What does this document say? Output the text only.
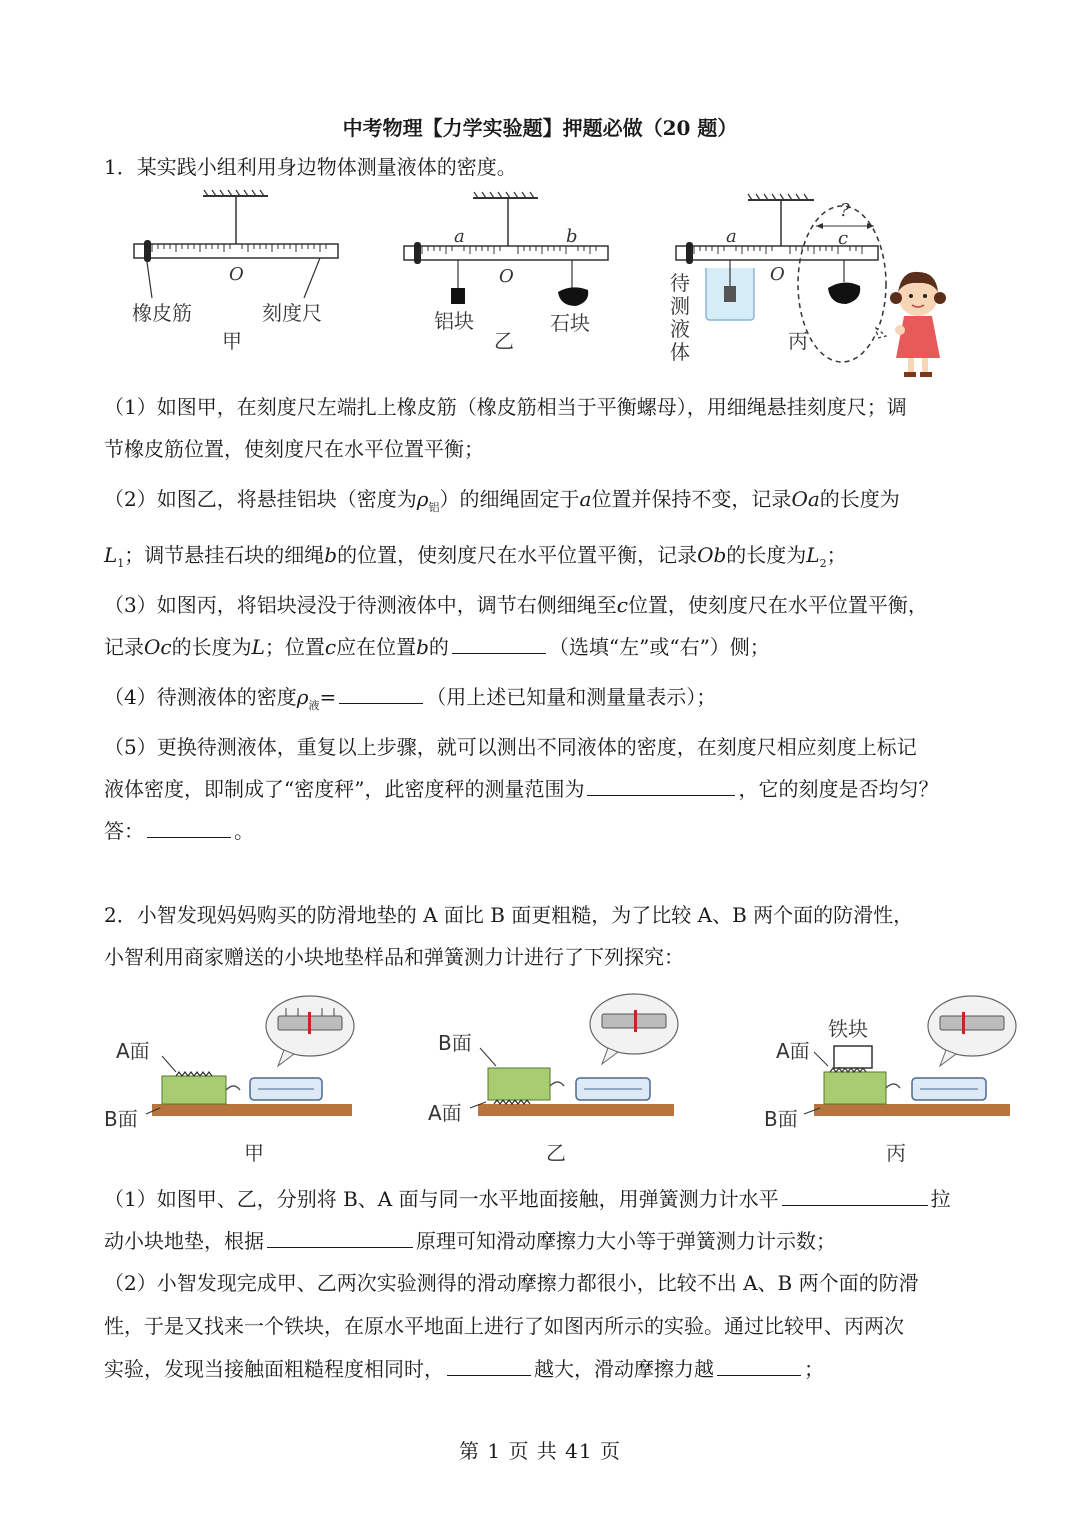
中考物理【力学实验题】押题必做（20 题）
1．某实践小组利用身边物体测量液体的密度。
O
橡皮筋	刻度尺
甲
a	b
O
铝块	石块
乙
a	c
?
O
丙
待测液体
（1）如图甲，在刻度尺左端扎上橡皮筋（橡皮筋相当于平衡螺母），用细绳悬挂刻度尺；调
节橡皮筋位置，使刻度尺在水平位置平衡；
（2）如图乙，将悬挂铝块（密度为$\rho_铝$）的细绳固定于a位置并保持不变，记录Oa的长度为
$L_1$；调节悬挂石块的细绳b的位置，使刻度尺在水平位置平衡，记录Ob的长度为$L_2$；
（3）如图丙，将铝块浸没于待测液体中，调节右侧细绳至c位置，使刻度尺在水平位置平衡，
记录Oc的长度为L；位置c应在位置b的	（选填“左”或“右”）侧；
（4）待测液体的密度$\rho_液=$	（用上述已知量和测量量表示）；
（5）更换待测液体，重复以上步骤，就可以测出不同液体的密度，在刻度尺相应刻度上标记
液体密度，即制成了“密度秤”，此密度秤的测量范围为	，它的刻度是否均匀？
答：	。
2．小智发现妈妈购买的防滑地垫的 A 面比 B 面更粗糙，为了比较 A、B 两个面的防滑性，
小智利用商家赠送的小块地垫样品和弹簧测力计进行了下列探究：
A面
B面
甲
B面
A面
乙
铁块
A面
B面
丙
（1）如图甲、乙，分别将 B、A 面与同一水平地面接触，用弹簧测力计水平	拉
动小块地垫，根据	原理可知滑动摩擦力大小等于弹簧测力计示数；
（2）小智发现完成甲、乙两次实验测得的滑动摩擦力都很小，比较不出 A、B 两个面的防滑
性，于是又找来一个铁块，在原水平地面上进行了如图丙所示的实验。通过比较甲、丙两次
实验，发现当接触面粗糙程度相同时，	越大，滑动摩擦力越	；
第 1 页 共 41 页
